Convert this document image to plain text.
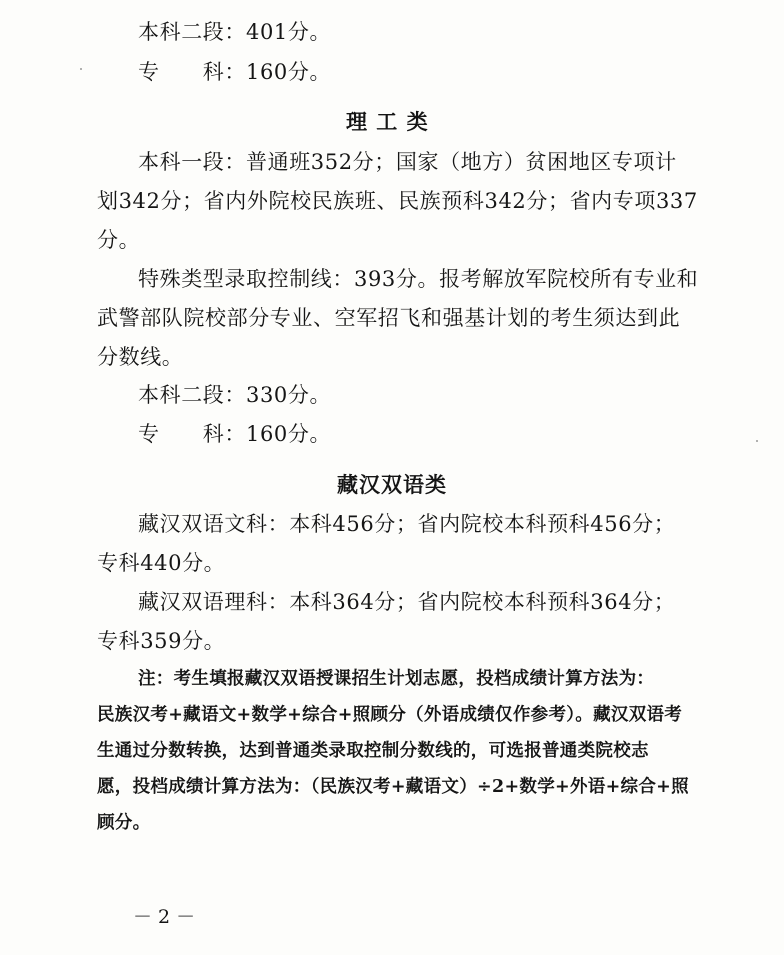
本科二段：401分。
专　　科：160分。
理 工 类
本科一段：普通班352分；国家（地方）贫困地区专项计
划342分；省内外院校民族班、民族预科342分；省内专项337
分。
特殊类型录取控制线：393分。报考解放军院校所有专业和
武警部队院校部分专业、空军招飞和强基计划的考生须达到此
分数线。
本科二段：330分。
专　　科：160分。
藏汉双语类
藏汉双语文科：本科456分；省内院校本科预科456分；
专科440分。
藏汉双语理科：本科364分；省内院校本科预科364分；
专科359分。
注：考生填报藏汉双语授课招生计划志愿，投档成绩计算方法为：
民族汉考+藏语文+数学+综合+照顾分（外语成绩仅作参考）。藏汉双语考
生通过分数转换，达到普通类录取控制分数线的，可选报普通类院校志
愿，投档成绩计算方法为：（民族汉考+藏语文）÷2+数学+外语+综合+照
顾分。
－ 2 －
